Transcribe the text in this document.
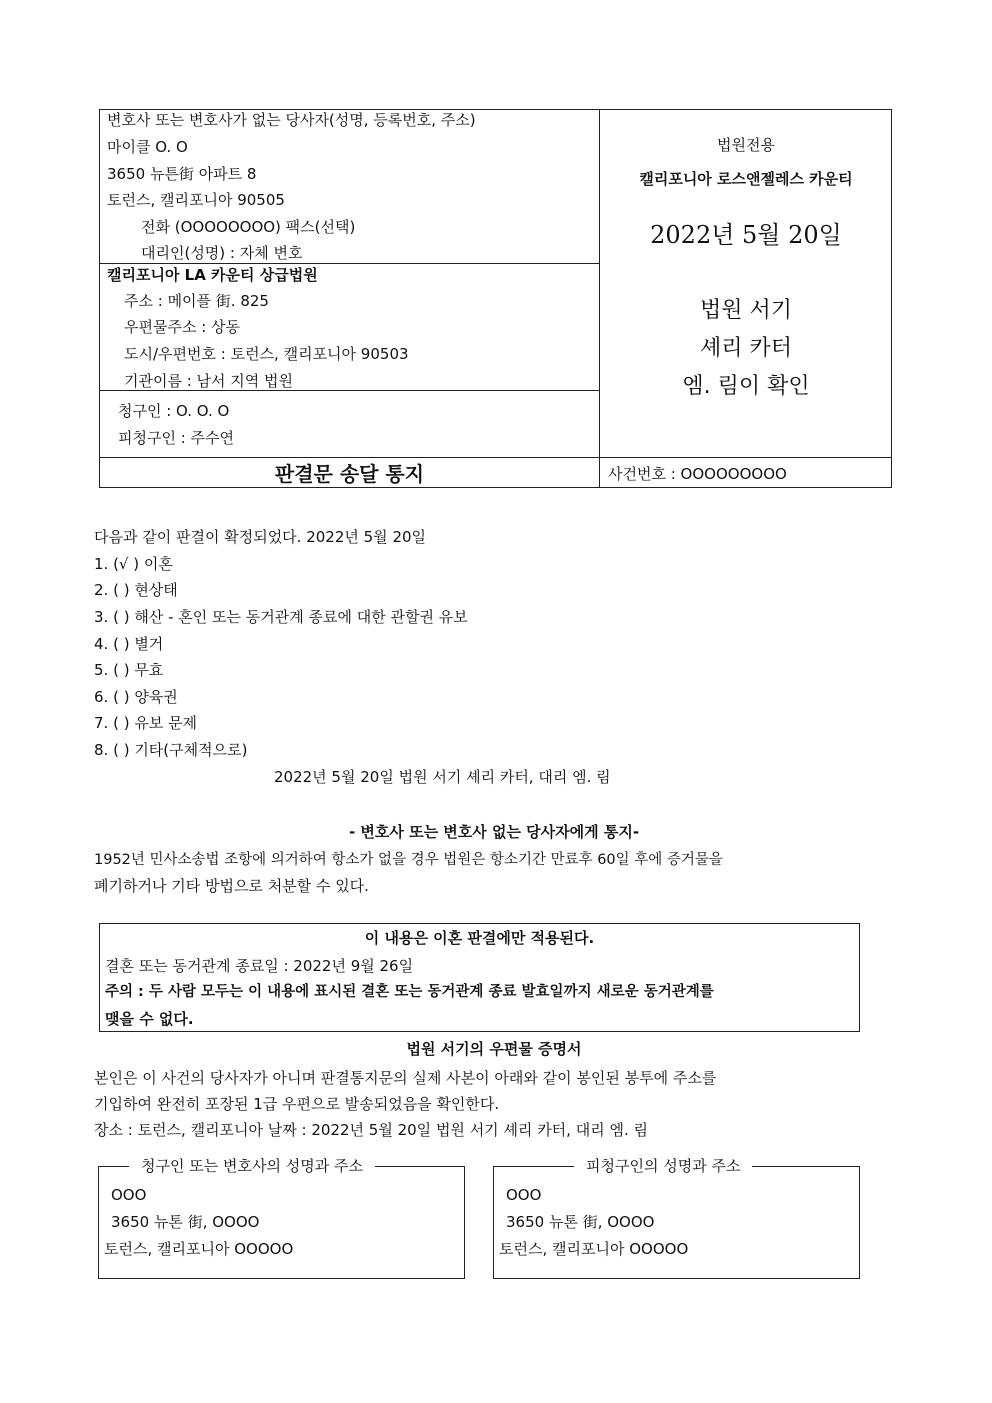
변호사 또는 변호사가 없는 당사자(성명, 등록번호, 주소)
마이클 O. O
3650 뉴튼街 아파트 8
토런스, 캘리포니아 90505
전화 (OOOOOOOO) 팩스(선택)
대리인(성명) : 자체 변호
캘리포니아 LA 카운티 상급법원
주소 : 메이플 街. 825
우편물주소 : 상동
도시/우편번호 : 토런스, 캘리포니아 90503
기관이름 : 남서 지역 법원
청구인 : O. O. O
피청구인 : 주수연
판결문 송달 통지	사건번호 : OOOOOOOOO
법원전용
캘리포니아 로스앤젤레스 카운티
2022년 5월 20일
법원 서기
셰리 카터
엠. 림이 확인
다음과 같이 판결이 확정되었다. 2022년 5월 20일
1. (√ ) 이혼
2. ( ) 현상태
3. ( ) 해산 - 혼인 또는 동거관계 종료에 대한 관할권 유보
4. ( ) 별거
5. ( ) 무효
6. ( ) 양육권
7. ( ) 유보 문제
8. ( ) 기타(구체적으로)
2022년 5월 20일 법원 서기 셰리 카터, 대리 엠. 림
- 변호사 또는 변호사 없는 당사자에게 통지-
1952년 민사소송법 조항에 의거하여 항소가 없을 경우 법원은 항소기간 만료후 60일 후에 증거물을
폐기하거나 기타 방법으로 처분할 수 있다.
이 내용은 이혼 판결에만 적용된다.
결혼 또는 동거관계 종료일 : 2022년 9월 26일
주의 : 두 사람 모두는 이 내용에 표시된 결혼 또는 동거관계 종료 발효일까지 새로운 동거관계를
맺을 수 없다.
법원 서기의 우편물 증명서
본인은 이 사건의 당사자가 아니며 판결통지문의 실제 사본이 아래와 같이 봉인된 봉투에 주소를
기입하여 완전히 포장된 1급 우편으로 발송되었음을 확인한다.
장소 : 토런스, 캘리포니아 날짜 : 2022년 5월 20일 법원 서기 셰리 카터, 대리 엠. 림
청구인 또는 변호사의 성명과 주소
OOO
3650 뉴톤 街, OOOO
토런스, 캘리포니아 OOOOO
피청구인의 성명과 주소
OOO
3650 뉴톤 街, OOOO
토런스, 캘리포니아 OOOOO
